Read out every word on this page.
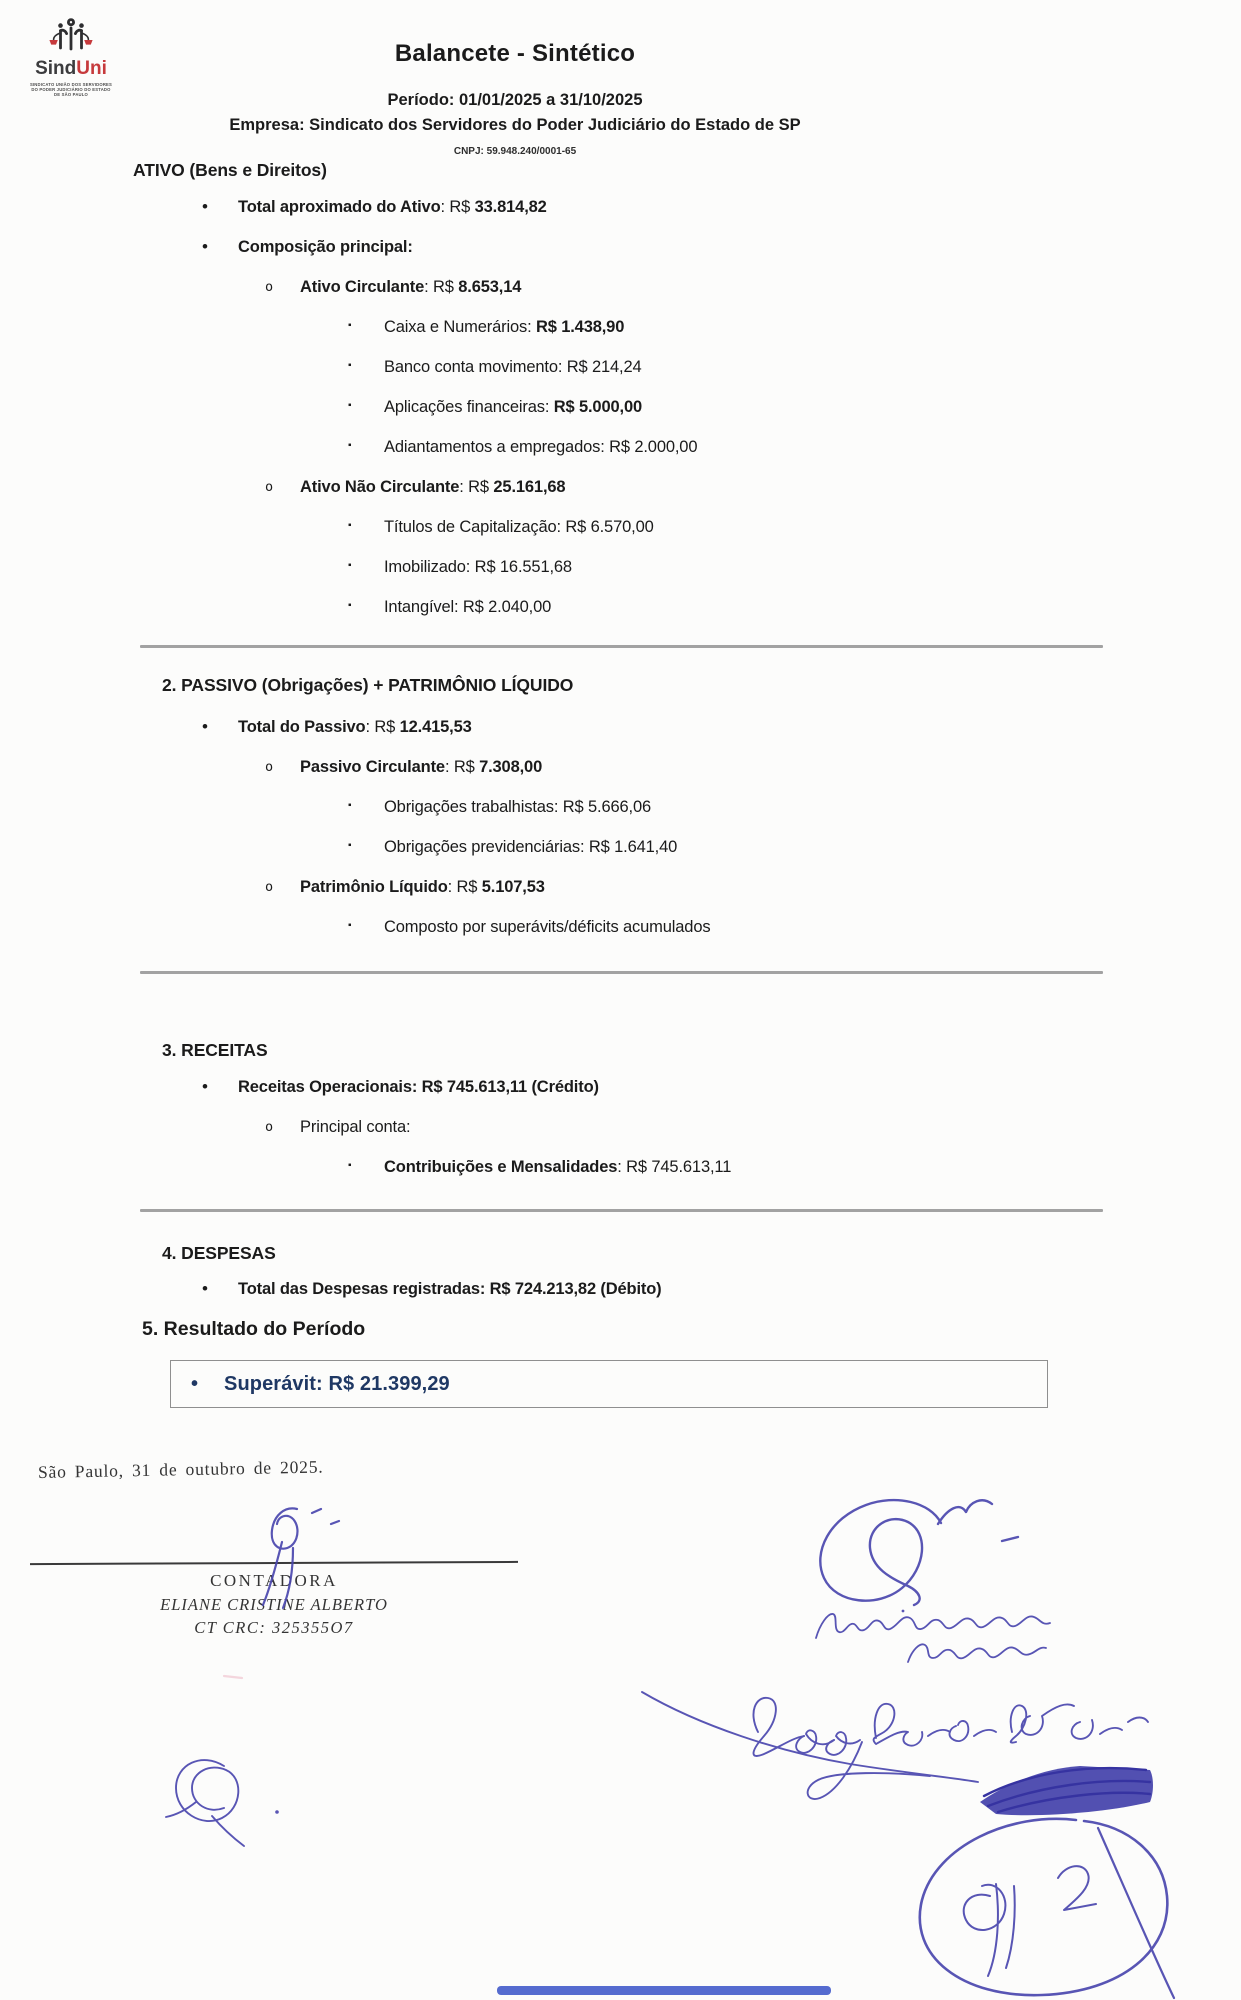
SindUni
SINDICATO UNIÃO DOS SERVIDORES
DO PODER JUDICIÁRIO DO ESTADO
DE SÃO PAULO
Balancete - Sintético
Período: 01/01/2025 a 31/10/2025
Empresa: Sindicato dos Servidores do Poder Judiciário do Estado de SP
CNPJ: 59.948.240/0001-65
ATIVO (Bens e Direitos)
• Total aproximado do Ativo: R$ 33.814,82
• Composição principal:
o Ativo Circulante: R$ 8.653,14
▪ Caixa e Numerários: R$ 1.438,90
▪ Banco conta movimento: R$ 214,24
▪ Aplicações financeiras: R$ 5.000,00
▪ Adiantamentos a empregados: R$ 2.000,00
o Ativo Não Circulante: R$ 25.161,68
▪ Títulos de Capitalização: R$ 6.570,00
▪ Imobilizado: R$ 16.551,68
▪ Intangível: R$ 2.040,00
2. PASSIVO (Obrigações) + PATRIMÔNIO LÍQUIDO
• Total do Passivo: R$ 12.415,53
o Passivo Circulante: R$ 7.308,00
▪ Obrigações trabalhistas: R$ 5.666,06
▪ Obrigações previdenciárias: R$ 1.641,40
o Patrimônio Líquido: R$ 5.107,53
▪ Composto por superávits/déficits acumulados
3. RECEITAS
• Receitas Operacionais: R$ 745.613,11 (Crédito)
o Principal conta:
▪ Contribuições e Mensalidades: R$ 745.613,11
4. DESPESAS
• Total das Despesas registradas: R$ 724.213,82 (Débito)
5. Resultado do Período
• Superávit: R$ 21.399,29
São Paulo, 31 de outubro de 2025.
CONTADORA
ELIANE CRISTINE ALBERTO
CT CRC: 325355O7
